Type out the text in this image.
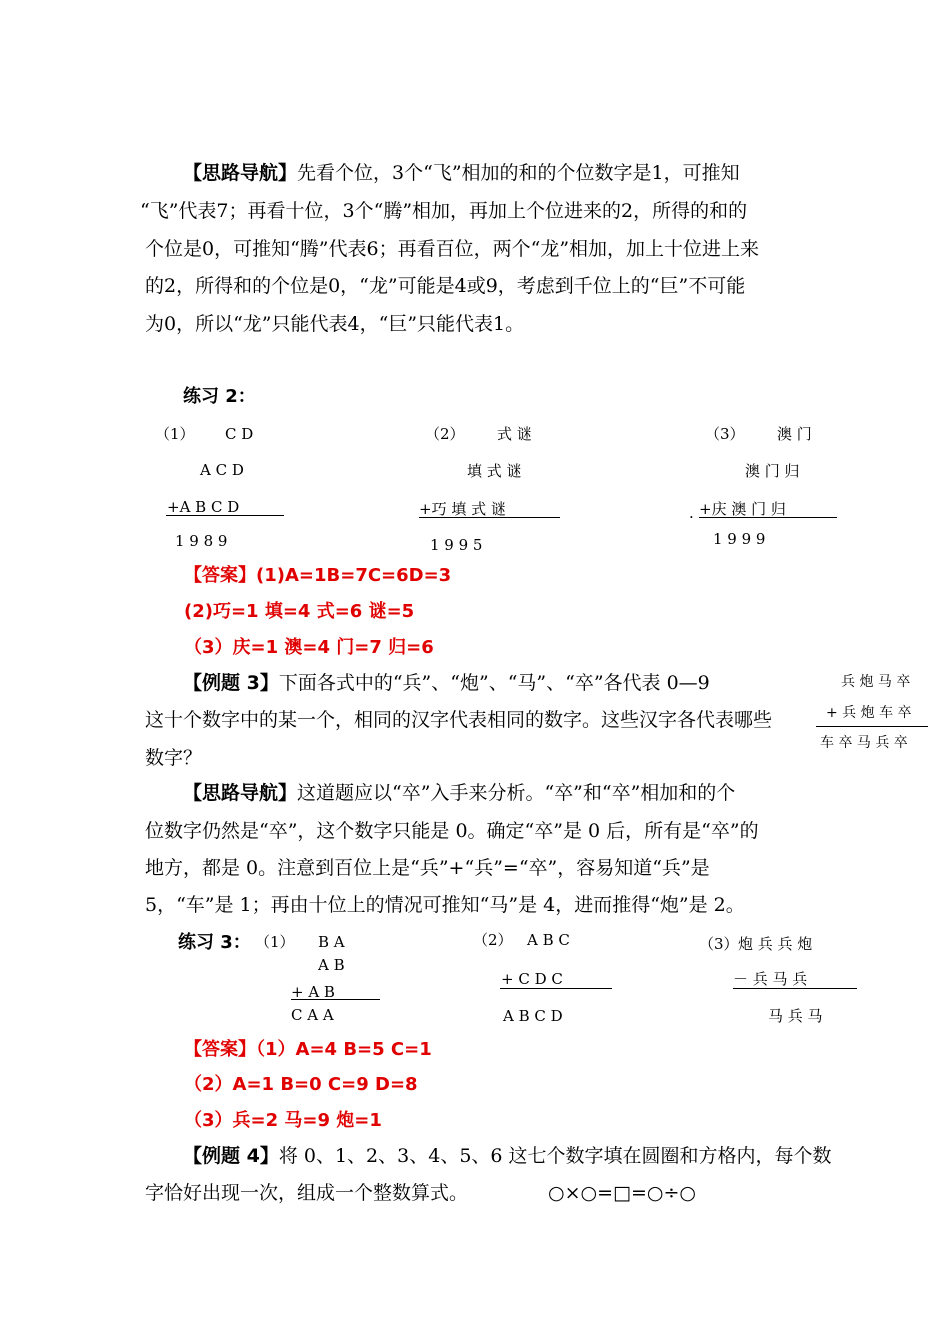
【思路导航】先看个位，3个“飞”相加的和的个位数字是1，可推知
“飞”代表7；再看十位，3个“腾”相加，再加上个位进来的2，所得的和的
个位是0，可推知“腾”代表6；再看百位，两个“龙”相加，加上十位进上来
的2，所得和的个位是0，“龙”可能是4或9，考虑到千位上的“巨”不可能
为0，所以“龙”只能代表4，“巨”只能代表1。
练习 2：
（1） C D
A C D
+A B C D
1 9 8 9
（2） 式 谜
填 式 谜
+巧 填 式 谜
1 9 9 5
（3） 澳 门
澳 门 归
. +庆 澳 门 归
1 9 9 9
【答案】(1)A=1B=7C=6D=3
(2)巧=1 填=4 式=6 谜=5
（3）庆=1 澳=4 门=7 归=6
【例题 3】下面各式中的“兵”、“炮”、“马”、“卒”各代表 0—9
这十个数字中的某一个，相同的汉字代表相同的数字。这些汉字各代表哪些
数字？
兵 炮 马 卒
+ 兵 炮 车 卒
车 卒 马 兵 卒
【思路导航】这道题应以“卒”入手来分析。“卒”和“卒”相加和的个
位数字仍然是“卒”，这个数字只能是 0。确定“卒”是 0 后，所有是“卒”的
地方，都是 0。注意到百位上是“兵”+“兵”=“卒”，容易知道“兵”是
5，“车”是 1；再由十位上的情况可推知“马”是 4，进而推得“炮”是 2。
练习 3： （1） B A
A B
+ A B
C A A
（2） A B C
+ C D C
A B C D
（3） 炮 兵 兵 炮
－ 兵 马 兵
马 兵 马
【答案】（1）A=4 B=5 C=1
（2）A=1 B=0 C=9 D=8
（3）兵=2 马=9 炮=1
【例题 4】将 0、1、2、3、4、5、6 这七个数字填在圆圈和方格内，每个数
字恰好出现一次，组成一个整数算式。	○×○=□=○÷○
